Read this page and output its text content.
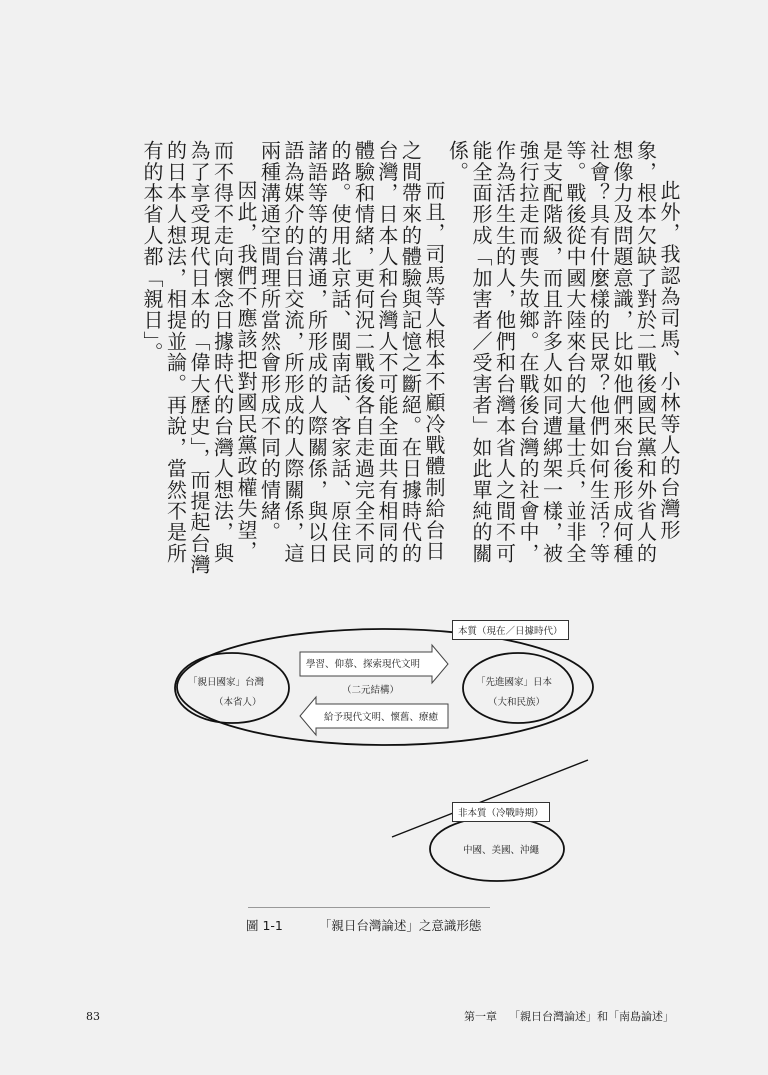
此外，我認為司馬、小林等人的台灣形象，根本欠缺了對於二戰後國民黨和外省人的想像力及問題意識，比如他們來台後形成何種社會？具有什麼樣的民眾？他們如何生活？等等。戰後從中國大陸來台的大量士兵，並非全是支配階級，而且許多人如同遭綁架一樣，被強行拉走而喪失故鄉。在戰後台灣的社會中，作為活生生的人，他們和台灣本省人之間不可能全面形成「加害者／受害者」如此單純的關係。

而且，司馬等人根本不顧冷戰體制給台日之間帶來的體驗與記憶之斷絕。在日據時代的台灣，日本人和台灣人不可能全面共有相同的體驗和情緒，更何況二戰後各自走過完全不同的路。使用北京話、閩南話、客家話、原住民諸語等等的溝通，所形成的人際關係，與以日語為媒介的台日交流，所形成的人際關係，這兩種溝通空間理所當然會形成不同的情緒。

因此，我們不應該把對國民黨政權失望，而不得不走向懷念日據時代的台灣人想法，與為了享受現代日本的「偉大歷史」，而提起台灣的日本人想法，相提並論。再說，當然不是所有的本省人都「親日」。

本質（現在／日據時代）
「親日國家」台灣
（本省人）
「先進國家」日本
（大和民族）
學習、仰慕、探索現代文明
（二元結構）
給予現代文明、懷舊、療癒
非本質（冷戰時期）
中國、美國、沖繩
圖 1-1	「親日台灣論述」之意識形態
83	第一章 「親日台灣論述」和「南島論述」
